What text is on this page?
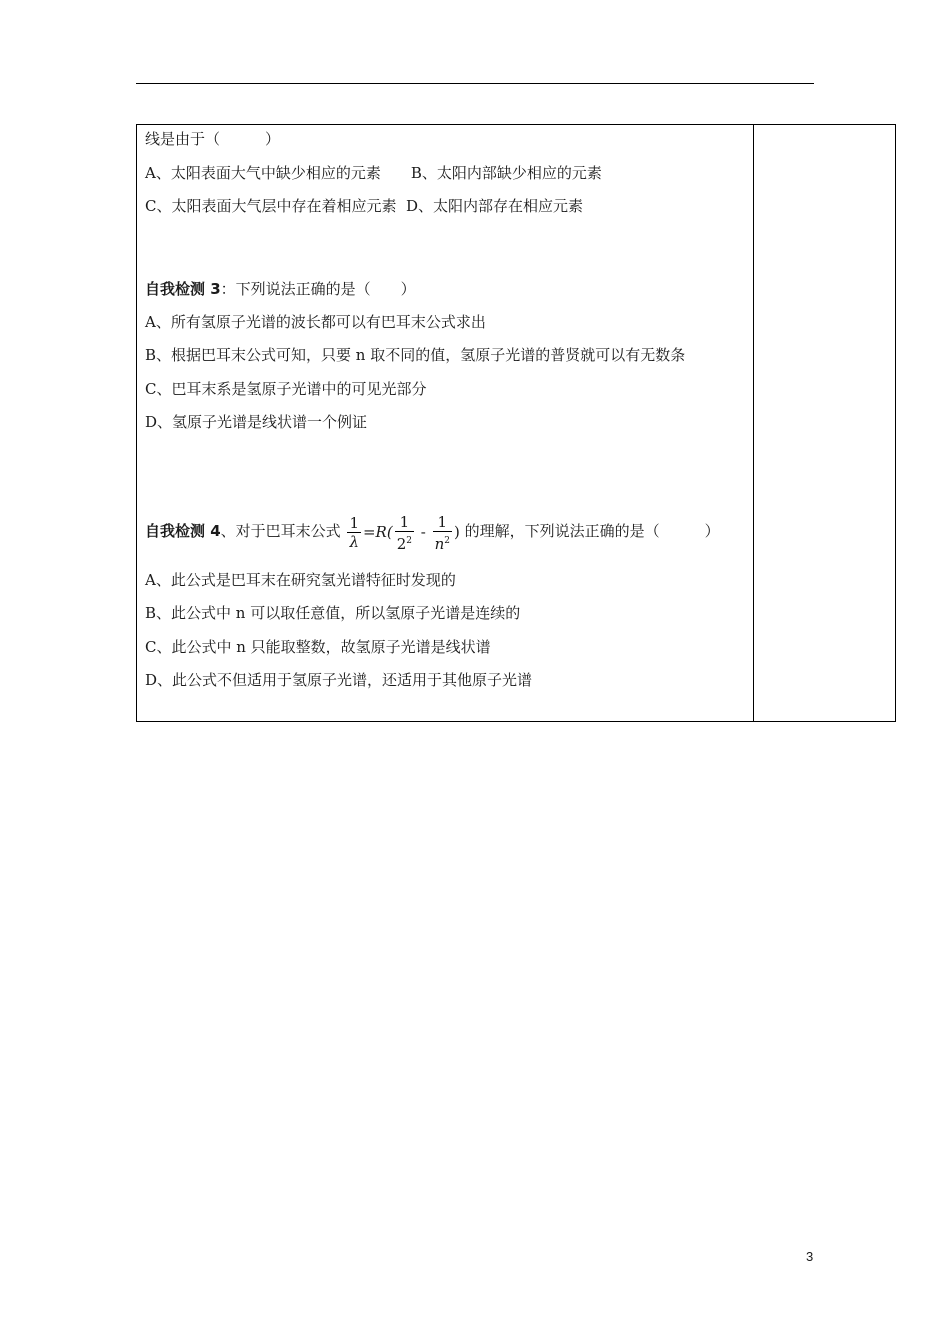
线是由于（　　　）
A、太阳表面大气中缺少相应的元素 B、太阳内部缺少相应的元素
C、太阳表面大气层中存在着相应元素 D、太阳内部存在相应元素
自我检测 3：下列说法正确的是（　　）
A、所有氢原子光谱的波长都可以有巴耳末公式求出
B、根据巴耳末公式可知，只要 n 取不同的值，氢原子光谱的普贤就可以有无数条
C、巴耳末系是氢原子光谱中的可见光部分
D、氢原子光谱是线状谱一个例证
自我检测 4、对于巴耳末公式 $\frac{1}{\lambda} =R( \frac{1}{2^2} - \frac{1}{n^2}$ ) 的理解，下列说法正确的是（　　　）
A、此公式是巴耳末在研究氢光谱特征时发现的
B、此公式中 n 可以取任意值，所以氢原子光谱是连续的
C、此公式中 n 只能取整数，故氢原子光谱是线状谱
D、此公式不但适用于氢原子光谱，还适用于其他原子光谱
3
